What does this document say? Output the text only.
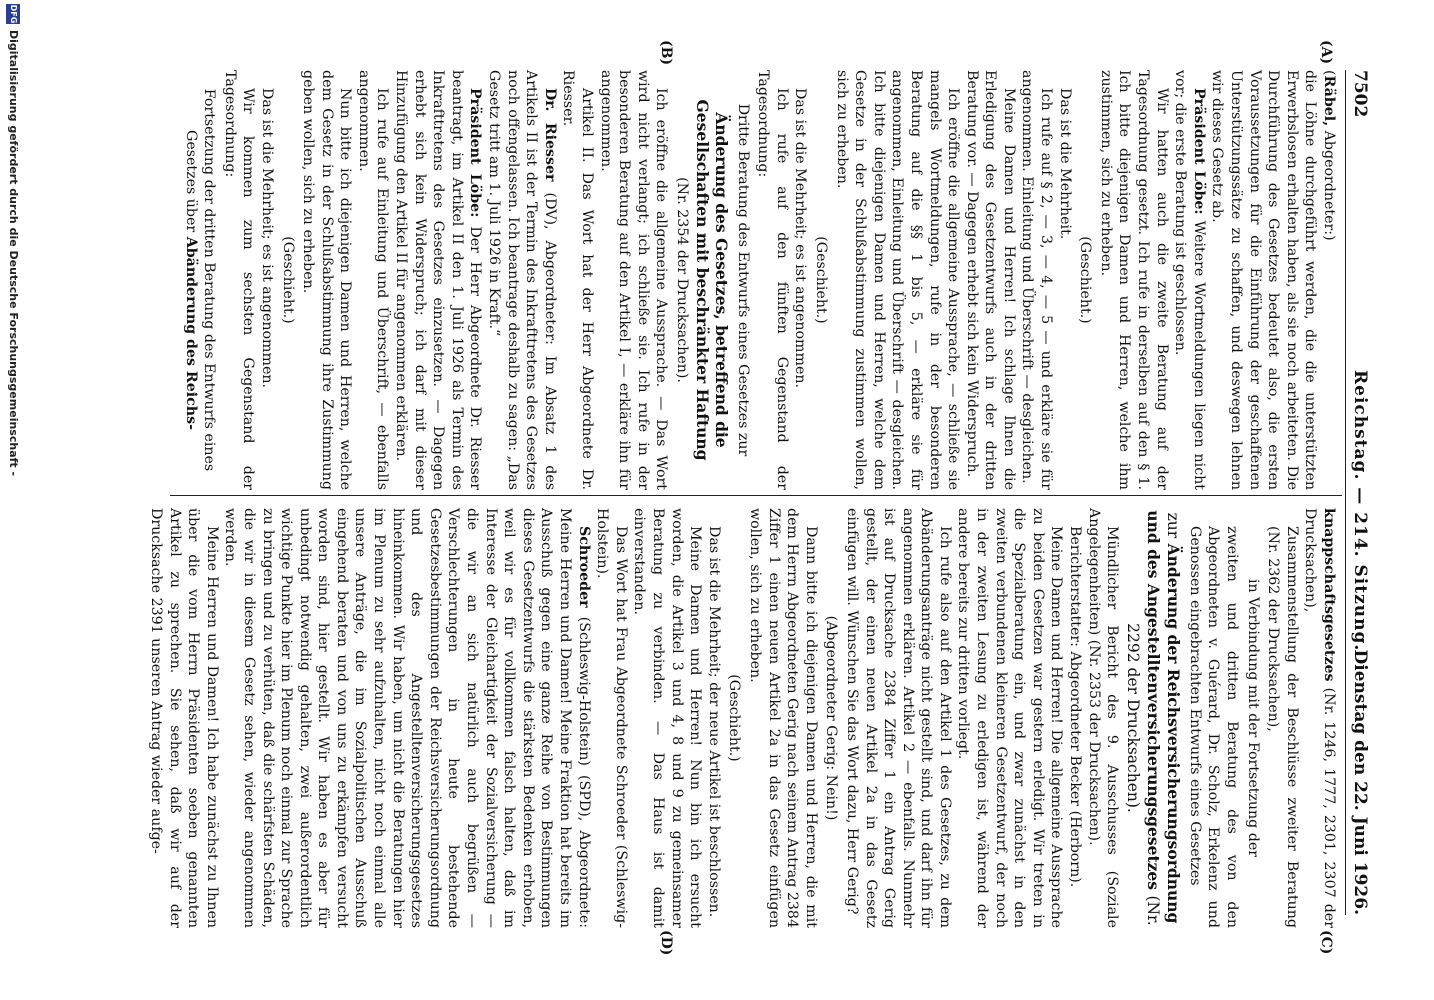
7502
Reichstag. — 214. Sitzung.
Dienstag den 22. Juni 1926.
(A)
(B)
(C)
(D)

(Räbel, Abgeordneter:)

die Löhne durchgeführt werden, die die unterstützten Erwerbslosen erhalten haben, als sie noch arbeiteten. Die Durchführung des Gesetzes bedeutet also, die ersten Voraussetzungen für die Einführung der geschaffenen Unterstützungssätze zu schaffen, und deswegen lehnen wir dieses Gesetz ab.

Präsident Löbe: Weitere Wortmeldungen liegen nicht vor; die erste Beratung ist geschlossen.

Wir hatten auch die zweite Beratung auf der Tagesordnung gesetzt. Ich rufe in derselben auf den § 1. Ich bitte diejenigen Damen und Herren, welche ihm zustimmen, sich zu erheben.

(Geschieht.)

Das ist die Mehrheit.

Ich rufe auf § 2, — 3, — 4, — 5 — und erkläre sie für angenommen. Einleitung und Überschrift — desgleichen.

Meine Damen und Herren! Ich schlage Ihnen die Erledigung des Gesetzentwurfs auch in der dritten Beratung vor. — Dagegen erhebt sich kein Widerspruch.

Ich eröffne die allgemeine Aussprache, — schließe sie mangels Wortmeldungen, rufe in der besonderen Beratung auf die §§ 1 bis 5, — erkläre sie für angenommen, Einleitung und Überschrift — desgleichen. Ich bitte diejenigen Damen und Herren, welche dem Gesetze in der Schlußabstimmung zustimmen wollen, sich zu erheben.

(Geschieht.)

Das ist die Mehrheit; es ist angenommen.

Ich rufe auf den fünften Gegenstand der Tagesordnung:

Dritte Beratung des Entwurfs eines Gesetzes zur

Änderung des Gesetzes, betreffend die Gesellschaften mit beschränkter Haftung

(Nr. 2354 der Drucksachen).

Ich eröffne die allgemeine Aussprache. — Das Wort wird nicht verlangt; ich schließe sie. Ich rufe in der besonderen Beratung auf den Artikel I, — erkläre ihn für angenommen.

Artikel II. Das Wort hat der Herr Abgeordnete Dr. Riesser.

Dr. Riesser (DV), Abgeordneter: Im Absatz 1 des Artikels II ist der Termin des Inkrafttretens des Gesetzes noch offengelassen. Ich beantrage deshalb zu sagen: „Das Gesetz tritt am 1. Juli 1926 in Kraft.“

Präsident Löbe: Der Herr Abgeordnete Dr. Riesser beantragt, im Artikel II den 1. Juli 1926 als Termin des Inkrafttretens des Gesetzes einzusetzen. — Dagegen erhebt sich kein Widerspruch; ich darf mit dieser Hinzufügung den Artikel II für angenommen erklären.

Ich rufe auf Einleitung und Überschrift, — ebenfalls angenommen.

Nun bitte ich diejenigen Damen und Herren, welche dem Gesetz in der Schlußabstimmung ihre Zustimmung geben wollen, sich zu erheben.

(Geschieht.)

Das ist die Mehrheit; es ist angenommen.

Wir kommen zum sechsten Gegenstand der Tagesordnung:

Fortsetzung der dritten Beratung des Entwurfs eines Gesetzes über Abänderung des Reichs-

knappschaftsgesetzes (Nr. 1246, 1777, 2301, 2307 der Drucksachen),

Zusammenstellung der Beschlüsse zweiter Beratung (Nr. 2362 der Drucksachen),

in Verbindung mit der Fortsetzung der

zweiten und dritten Beratung des von den Abgeordneten v. Guérard, Dr. Scholz, Erkelenz und Genossen eingebrachten Entwurfs eines Gesetzes

zur Änderung der Reichsversicherungsordnung und des Angestelltenversicherungsgesetzes (Nr. 2292 der Drucksachen).

Mündlicher Bericht des 9. Ausschusses (Soziale Angelegenheiten) (Nr. 2353 der Drucksachen).

Berichterstatter: Abgeordneter Becker (Herborn).

Meine Damen und Herren! Die allgemeine Aussprache zu beiden Gesetzen war gestern erledigt. Wir treten in die Spezialberatung ein, und zwar zunächst in den zweiten verbundenen kleineren Gesetzentwurf, der noch in der zweiten Lesung zu erledigen ist, während der andere bereits zur dritten vorliegt.

Ich rufe also auf den Artikel 1 des Gesetzes, zu dem Abänderungsanträge nicht gestellt sind, und darf ihn für angenommen erklären. Artikel 2 — ebenfalls. Nunmehr ist auf Drucksache 2384 Ziffer 1 ein Antrag Gerig gestellt, der einen neuen Artikel 2a in das Gesetz einfügen will. Wünschen Sie das Wort dazu, Herr Gerig?

(Abgeordneter Gerig: Nein!)

Dann bitte ich diejenigen Damen und Herren, die mit dem Herrn Abgeordneten Gerig nach seinem Antrag 2384 Ziffer 1 einen neuen Artikel 2a in das Gesetz einfügen wollen, sich zu erheben.

(Geschieht.)

Das ist die Mehrheit; der neue Artikel ist beschlossen.

Meine Damen und Herren! Nun bin ich ersucht worden, die Artikel 3 und 4, 8 und 9 zu gemeinsamer Beratung zu verbinden. — Das Haus ist damit einverstanden.

Das Wort hat Frau Abgeordnete Schroeder (Schleswig-Holstein).

Schroeder (Schleswig-Holstein) (SPD), Abgeordnete: Meine Herren und Damen! Meine Fraktion hat bereits im Ausschuß gegen eine ganze Reihe von Bestimmungen dieses Gesetzentwurfs die stärksten Bedenken erhoben, weil wir es für vollkommen falsch halten, daß im Interesse der Gleichartigkeit der Sozialversicherung — die wir an sich natürlich auch begrüßen — Verschlechterungen in heute bestehende Gesetzesbestimmungen der Reichsversicherungsordnung und des Angestelltenversicherungsgesetzes hineinkommen. Wir haben, um nicht die Beratungen hier im Plenum zu sehr aufzuhalten, nicht noch einmal alle unsere Anträge, die im Sozialpolitischen Ausschuß eingehend beraten und von uns zu erkämpfen versucht worden sind, hier gestellt. Wir haben es aber für unbedingt notwendig gehalten, zwei außerordentlich wichtige Punkte hier im Plenum noch einmal zur Sprache zu bringen und zu verhüten, daß die schärfsten Schäden, die wir in diesem Gesetz sehen, wieder angenommen werden.

Meine Herren und Damen! Ich habe zunächst zu Ihnen über die vom Herrn Präsidenten soeben genannten Artikel zu sprechen. Sie sehen, daß wir auf der Drucksache 2391 unseren Antrag wieder aufge-

DFG
Digitalisierung gefördert durch die Deutsche Forschungsgemeinschaft -
